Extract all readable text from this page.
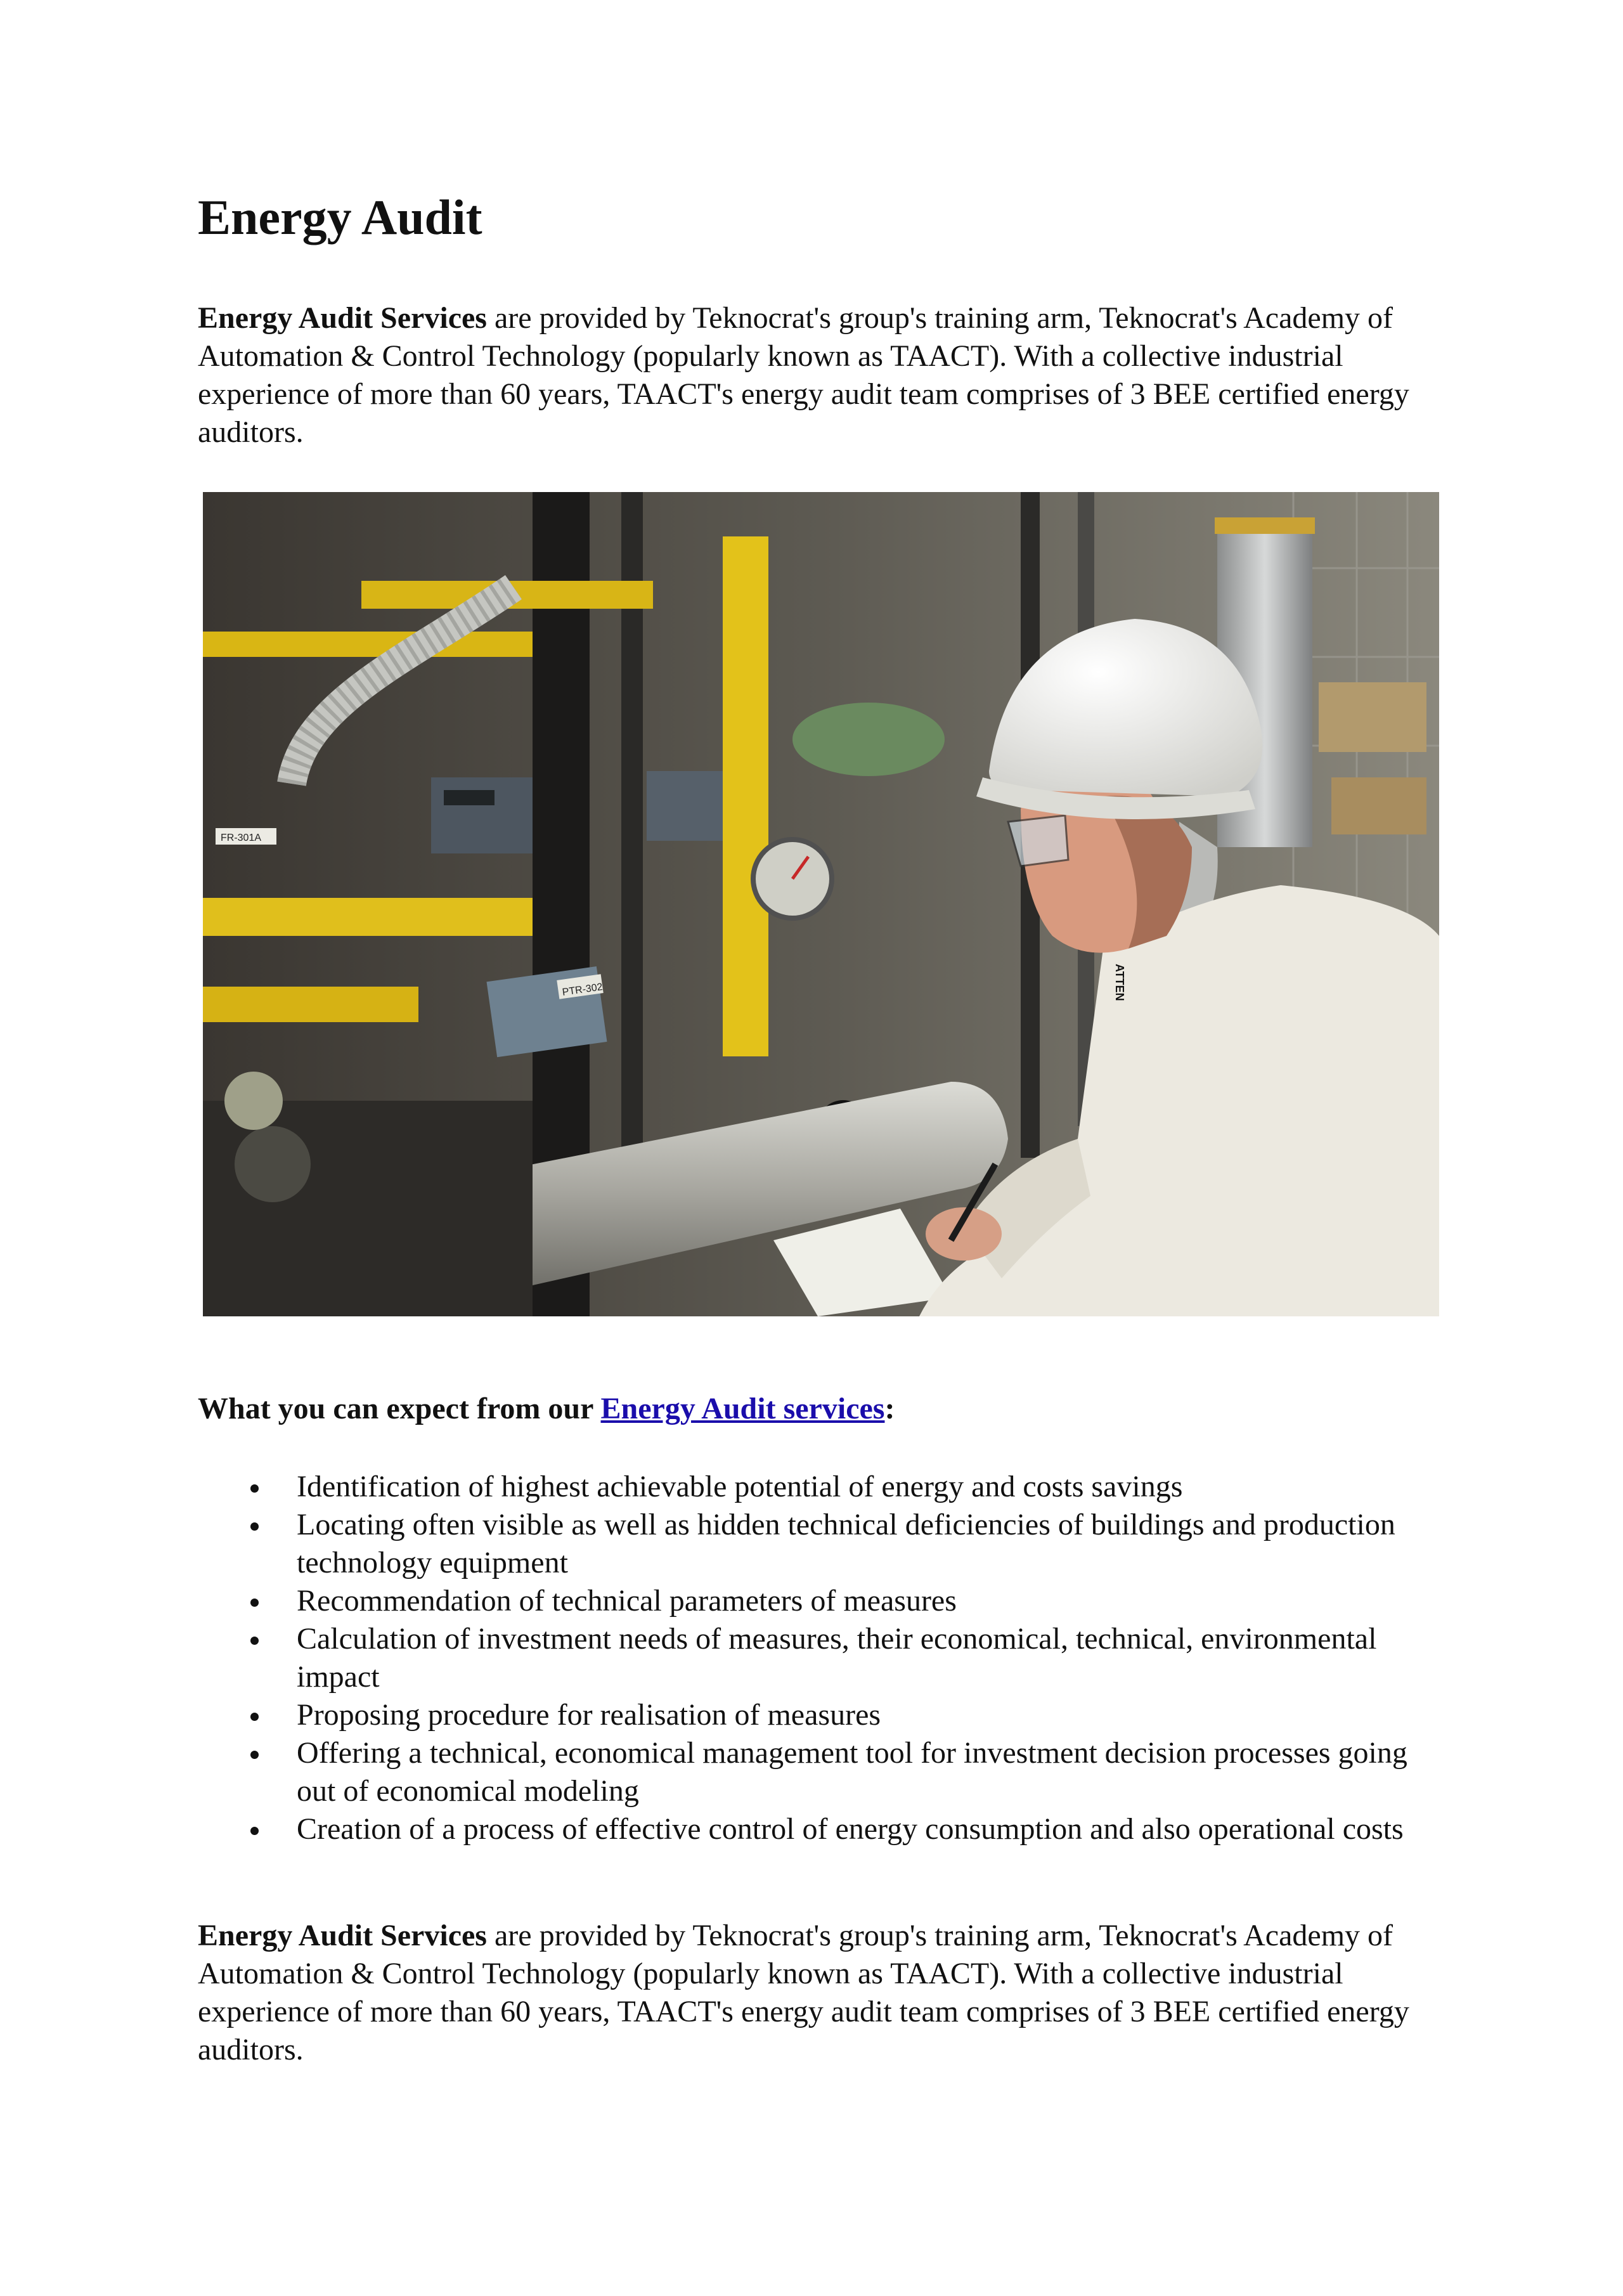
Energy Audit

Energy Audit Services are provided by Teknocrat's group's training arm, Teknocrat's Academy of Automation & Control Technology (popularly known as TAACT). With a collective industrial experience of more than 60 years, TAACT's energy audit team comprises of 3 BEE certified energy auditors.

FR-301A
PTR-302	ATTEN

What you can expect from our Energy Audit services:

Identification of highest achievable potential of energy and costs savings
Locating often visible as well as hidden technical deficiencies of buildings and production technology equipment
Recommendation of technical parameters of measures
Calculation of investment needs of measures, their economical, technical, environmental impact
Proposing procedure for realisation of measures
Offering a technical, economical management tool for investment decision processes going out of economical modeling
Creation of a process of effective control of energy consumption and also operational costs

Energy Audit Services are provided by Teknocrat's group's training arm, Teknocrat's Academy of Automation & Control Technology (popularly known as TAACT). With a collective industrial experience of more than 60 years, TAACT's energy audit team comprises of 3 BEE certified energy auditors.
